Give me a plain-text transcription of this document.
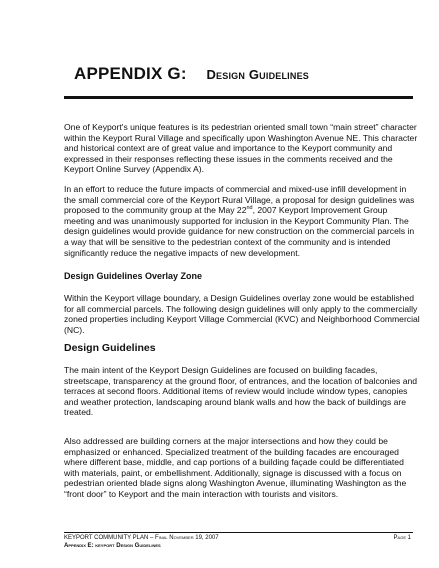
APPENDIX G: Design Guidelines

One of Keyport's unique features is its pedestrian oriented small town “main street” character within the Keyport Rural Village and specifically upon Washington Avenue NE. This character and historical context are of great value and importance to the Keyport community and expressed in their responses reflecting these issues in the comments received and the Keyport Online Survey (Appendix A).

In an effort to reduce the future impacts of commercial and mixed-use infill development in the small commercial core of the Keyport Rural Village, a proposal for design guidelines was proposed to the community group at the May 22nd, 2007 Keyport Improvement Group meeting and was unanimously supported for inclusion in the Keyport Community Plan. The design guidelines would provide guidance for new construction on the commercial parcels in a way that will be sensitive to the pedestrian context of the community and is intended significantly reduce the negative impacts of new development.

Design Guidelines Overlay Zone

Within the Keyport village boundary, a Design Guidelines overlay zone would be established for all commercial parcels. The following design guidelines will only apply to the commercially zoned properties including Keyport Village Commercial (KVC) and Neighborhood Commercial (NC).

Design Guidelines

The main intent of the Keyport Design Guidelines are focused on building facades, streetscape, transparency at the ground floor, of entrances, and the location of balconies and terraces at second floors. Additional items of review would include window types, canopies and weather protection, landscaping around blank walls and how the back of buildings are treated.

Also addressed are building corners at the major intersections and how they could be emphasized or enhanced. Specialized treatment of the building facades are encouraged where different base, middle, and cap portions of a building façade could be differentiated with materials, paint, or embellishment. Additionally, signage is discussed with a focus on pedestrian oriented blade signs along Washington Avenue, illuminating Washington as the “front door” to Keyport and the main interaction with tourists and visitors.

KEYPORT COMMUNITY PLAN – Final November 19, 2007
Appendix E: keyport Design Guidelines
Page 1
